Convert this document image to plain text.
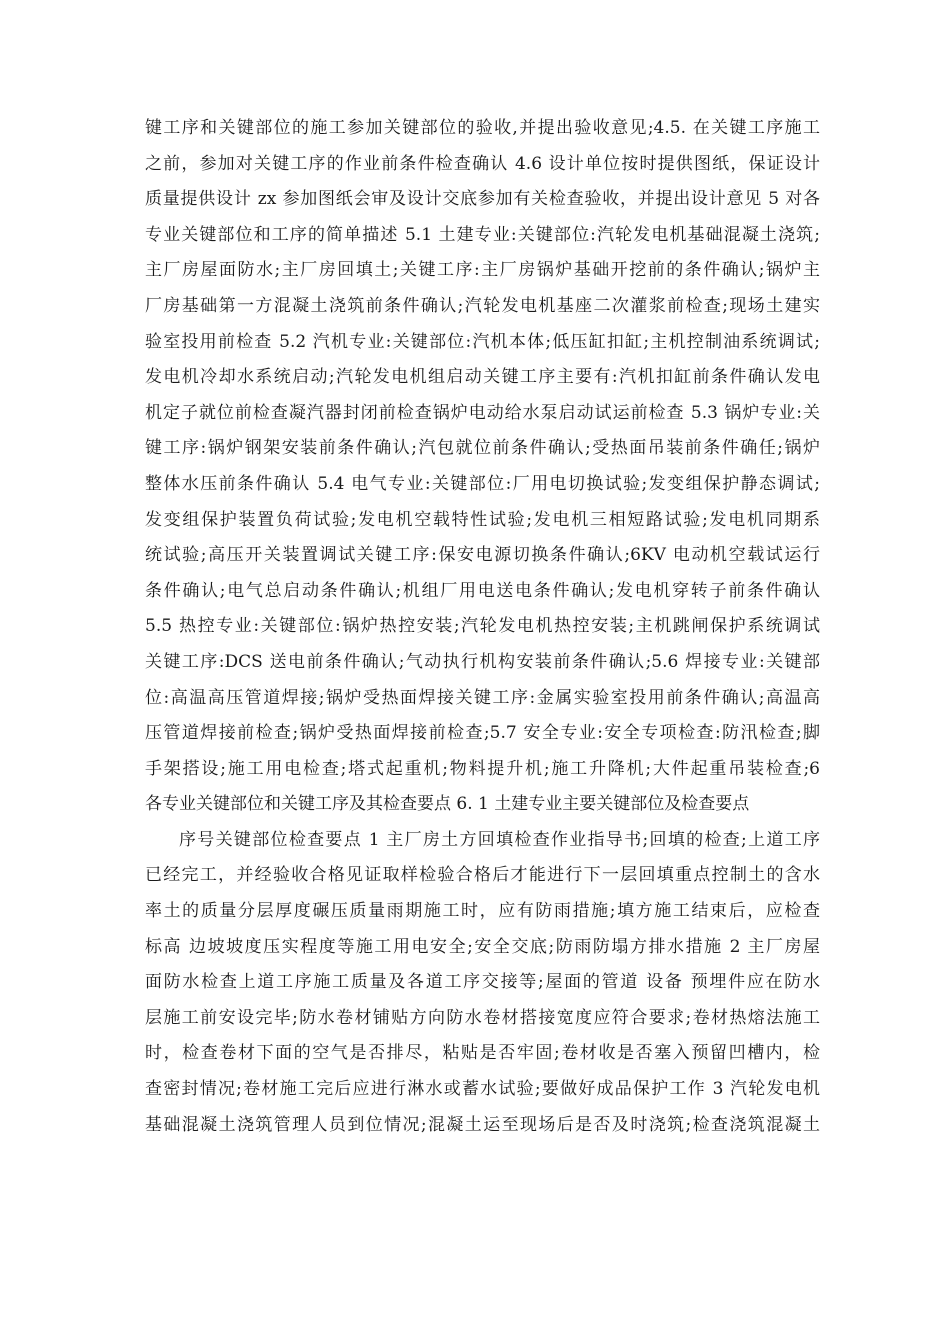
键工序和关键部位的施工参加关键部位的验收,并提出验收意见;4.5. 在关键工序施工
之前，参加对关键工序的作业前条件检查确认 4.6 设计单位按时提供图纸，保证设计
质量提供设计 zx 参加图纸会审及设计交底参加有关检查验收，并提出设计意见 5 对各
专业关键部位和工序的简单描述 5.1 土建专业:关键部位:汽轮发电机基础混凝土浇筑;
主厂房屋面防水;主厂房回填土;关键工序:主厂房锅炉基础开挖前的条件确认;锅炉主
厂房基础第一方混凝土浇筑前条件确认;汽轮发电机基座二次灌浆前检查;现场土建实
验室投用前检查 5.2 汽机专业:关键部位:汽机本体;低压缸扣缸;主机控制油系统调试;
发电机冷却水系统启动;汽轮发电机组启动关键工序主要有:汽机扣缸前条件确认发电
机定子就位前检查凝汽器封闭前检查锅炉电动给水泵启动试运前检查 5.3 锅炉专业:关
键工序:锅炉钢架安装前条件确认;汽包就位前条件确认;受热面吊装前条件确任;锅炉
整体水压前条件确认 5.4 电气专业:关键部位:厂用电切换试验;发变组保护静态调试;
发变组保护装置负荷试验;发电机空载特性试验;发电机三相短路试验;发电机同期系
统试验;高压开关装置调试关键工序:保安电源切换条件确认;6KV 电动机空载试运行
条件确认;电气总启动条件确认;机组厂用电送电条件确认;发电机穿转子前条件确认
5.5 热控专业:关键部位:锅炉热控安装;汽轮发电机热控安装;主机跳闸保护系统调试
关键工序:DCS 送电前条件确认;气动执行机构安装前条件确认;5.6 焊接专业:关键部
位:高温高压管道焊接;锅炉受热面焊接关键工序:金属实验室投用前条件确认;高温高
压管道焊接前检查;锅炉受热面焊接前检查;5.7 安全专业:安全专项检查:防汛检查;脚
手架搭设;施工用电检查;塔式起重机;物料提升机;施工升降机;大件起重吊装检查;6
各专业关键部位和关键工序及其检查要点 6. 1 土建专业主要关键部位及检查要点
序号关键部位检查要点 1 主厂房土方回填检查作业指导书;回填的检查;上道工序
已经完工，并经验收合格见证取样检验合格后才能进行下一层回填重点控制土的含水
率土的质量分层厚度碾压质量雨期施工时，应有防雨措施;填方施工结束后，应检查
标高 边坡坡度压实程度等施工用电安全;安全交底;防雨防塌方排水措施 2 主厂房屋
面防水检查上道工序施工质量及各道工序交接等;屋面的管道 设备 预埋件应在防水
层施工前安设完毕;防水卷材铺贴方向防水卷材搭接宽度应符合要求;卷材热熔法施工
时，检查卷材下面的空气是否排尽，粘贴是否牢固;卷材收是否塞入预留凹槽内，检
查密封情况;卷材施工完后应进行淋水或蓄水试验;要做好成品保护工作 3 汽轮发电机
基础混凝土浇筑管理人员到位情况;混凝土运至现场后是否及时浇筑;检查浇筑混凝土
